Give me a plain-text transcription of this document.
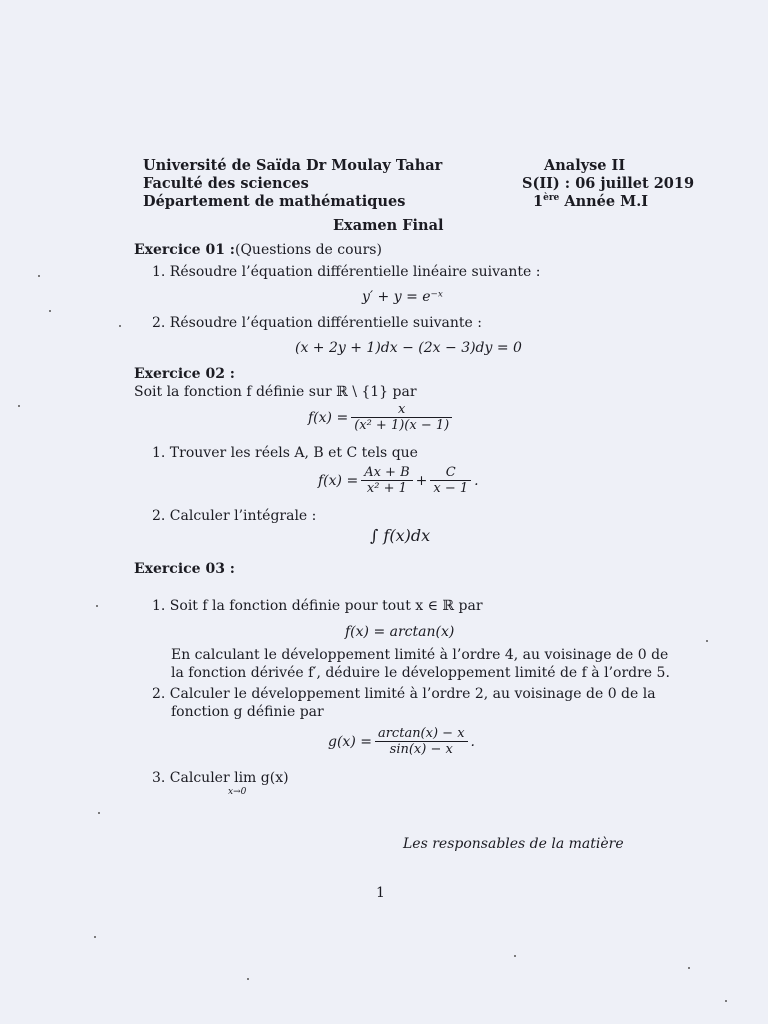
Université de Saïda Dr Moulay Tahar
Faculté des sciences
Département de mathématiques
Analyse II
S(II) : 06 juillet 2019
1ère Année M.I
Examen Final
Exercice 01 :(Questions de cours)
1. Résoudre l’équation différentielle linéaire suivante :
y′ + y = e⁻ˣ
2. Résoudre l’équation différentielle suivante :
(x + 2y + 1)dx − (2x − 3)dy = 0
Exercice 02 :
Soit la fonction f définie sur ℝ \ {1} par
$f(x) = \frac{x}{\text{(x² + 1)(x − 1)}}$
1. Trouver les réels A, B et C tels que
$f(x) = \frac{Ax + B}{\text{x² + 1}} + \frac{C}{x - 1}$ .
2. Calculer l’intégrale :
∫ f(x)dx
Exercice 03 :
1. Soit f la fonction définie pour tout x ∈ ℝ par
f(x) = arctan(x)
En calculant le développement limité à l’ordre 4, au voisinage de 0 de
la fonction dérivée f′, déduire le développement limité de f à l’ordre 5.
2. Calculer le développement limité à l’ordre 2, au voisinage de 0 de la
fonction g définie par
$g(x) = \frac{\arctan(x) - x}{\sin(x) - x}$ .
3. Calculer lim g(x)
x→0
Les responsables de la matière
1
